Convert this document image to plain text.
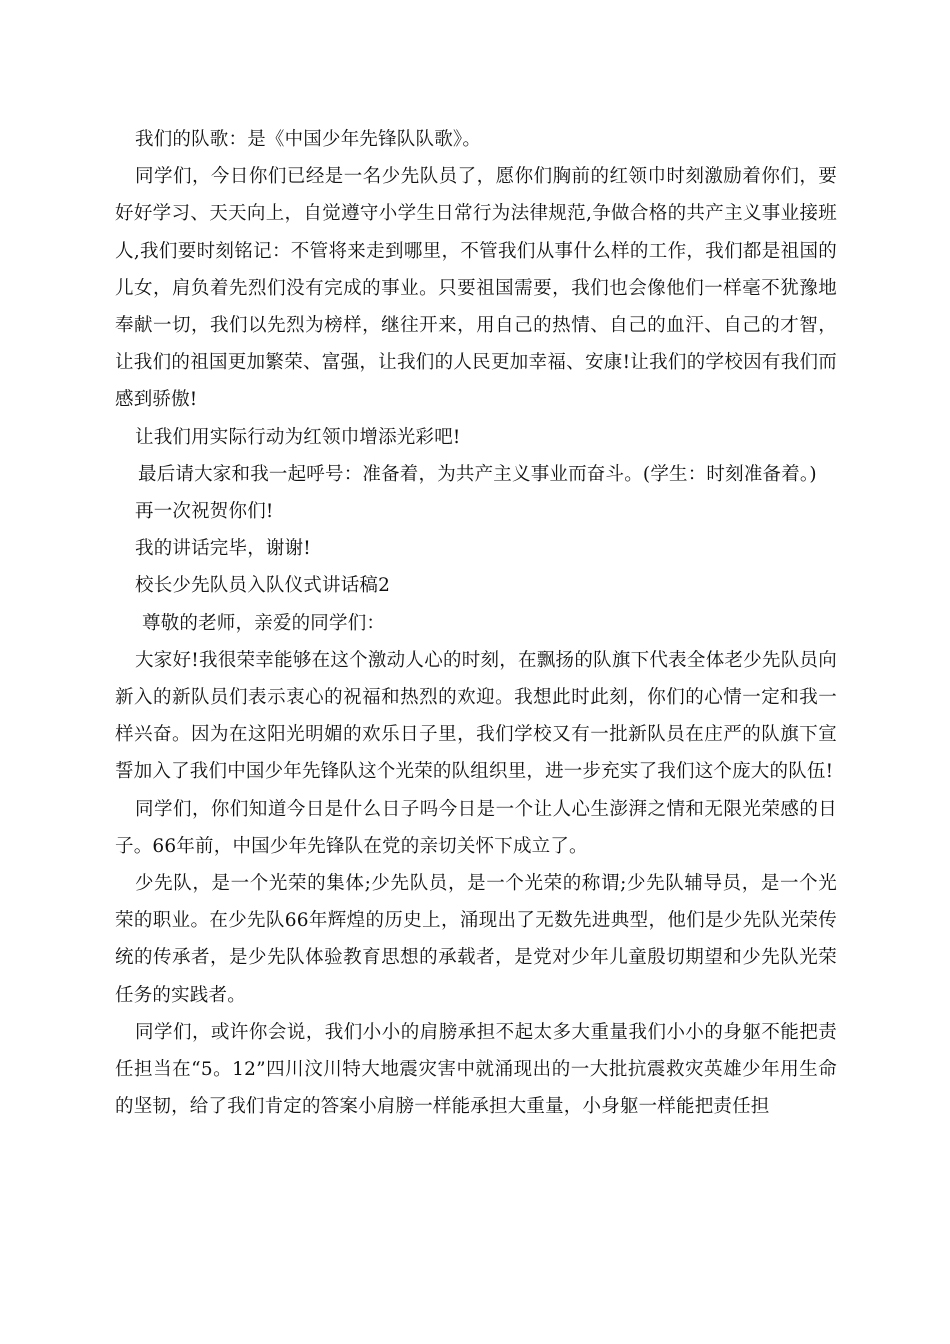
我们的队歌：是《中国少年先锋队队歌》。

同学们，今日你们已经是一名少先队员了，愿你们胸前的红领巾时刻激励着你们，要好好学习、天天向上，自觉遵守小学生日常行为法律规范,争做合格的共产主义事业接班人,我们要时刻铭记：不管将来走到哪里，不管我们从事什么样的工作，我们都是祖国的儿女，肩负着先烈们没有完成的事业。只要祖国需要，我们也会像他们一样毫不犹豫地奉献一切，我们以先烈为榜样，继往开来，用自己的热情、自己的血汗、自己的才智，让我们的祖国更加繁荣、富强，让我们的人民更加幸福、安康!让我们的学校因有我们而感到骄傲!

让我们用实际行动为红领巾增添光彩吧!

最后请大家和我一起呼号：准备着，为共产主义事业而奋斗。(学生：时刻准备着。)

再一次祝贺你们!

我的讲话完毕，谢谢!

校长少先队员入队仪式讲话稿2

尊敬的老师，亲爱的同学们：

大家好!我很荣幸能够在这个激动人心的时刻，在飘扬的队旗下代表全体老少先队员向新入的新队员们表示衷心的祝福和热烈的欢迎。我想此时此刻，你们的心情一定和我一样兴奋。因为在这阳光明媚的欢乐日子里，我们学校又有一批新队员在庄严的队旗下宣誓加入了我们中国少年先锋队这个光荣的队组织里，进一步充实了我们这个庞大的队伍!

同学们，你们知道今日是什么日子吗今日是一个让人心生澎湃之情和无限光荣感的日子。66年前，中国少年先锋队在党的亲切关怀下成立了。

少先队，是一个光荣的集体;少先队员，是一个光荣的称谓;少先队辅导员，是一个光荣的职业。在少先队66年辉煌的历史上，涌现出了无数先进典型，他们是少先队光荣传统的传承者，是少先队体验教育思想的承载者，是党对少年儿童殷切期望和少先队光荣任务的实践者。

同学们，或许你会说，我们小小的肩膀承担不起太多大重量我们小小的身躯不能把责任担当在“5。12”四川汶川特大地震灾害中就涌现出的一大批抗震救灾英雄少年用生命的坚韧，给了我们肯定的答案小肩膀一样能承担大重量，小身躯一样能把责任担
